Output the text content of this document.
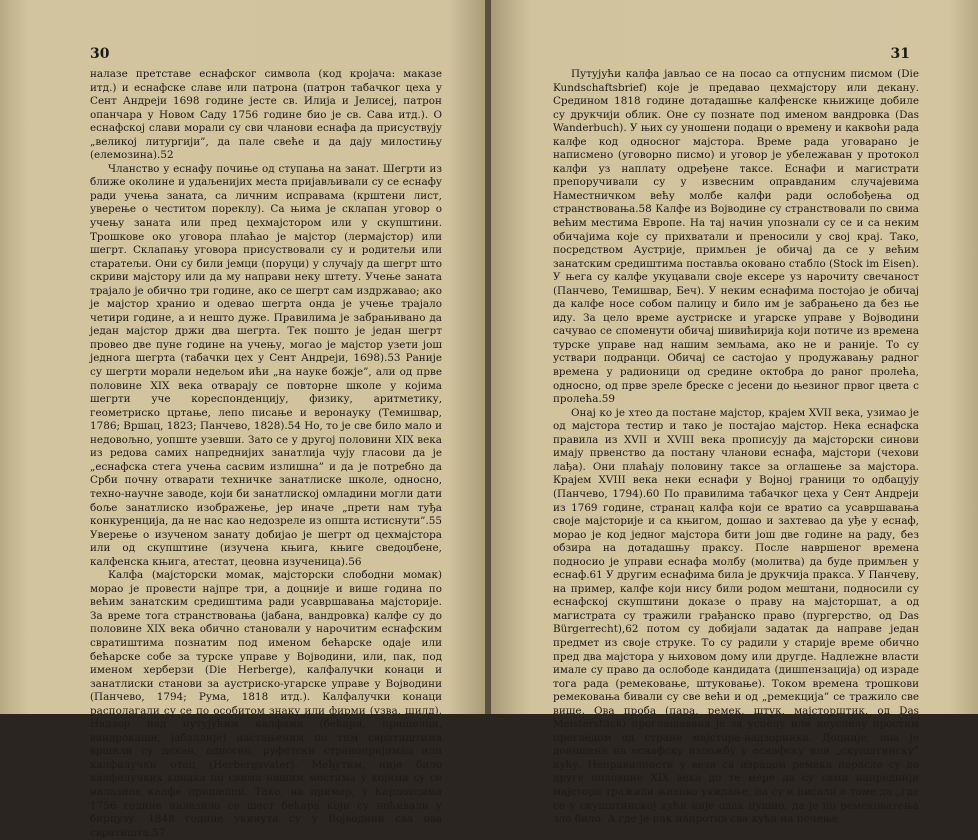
30

налазе претставе еснафског символа (код кројача: маказе итд.) и еснафске славе или патрона (патрон табачког цеха у Сент Андреји 1698 године јесте св. Илија и Јелисеј, патрон опанчара у Новом Саду 1756 године био је св. Сава итд.). О еснафској слави морали су сви чланови еснафа да присуствују „великој литургији”, да пале свеће и да дају милостињу (елемозина).52

Чланство у еснафу почиње од ступања на занат. Шегрти из ближе околине и удаљенијих места пријављивали су се еснафу ради учења заната, са личним исправама (крштени лист, уверење о честитом пореклу). Са њима је склапан уговор о учењу заната или пред цехмајстором или у скупштини. Трошкове око уговора плаћао је мајстор (лермајстор) или шегрт. Склапању уговора присуствовали су и родитељи или старатељи. Они су били јемци (поруци) у случају да шегрт што скриви мајстору или да му направи неку штету. Учење заната трајало је обично три године, ако се шегрт сам издржавао; ако је мајстор хранио и одевао шегрта онда је учење трајало четири године, а и нешто дуже. Правилима је забрањивано да један мајстор држи два шегрта. Тек пошто је један шегрт провео две пуне године на учењу, могао је мајстор узети још једнога шегрта (табачки цех у Сент Андреји, 1698).53 Раније су шегрти морали недељом ићи „на науке божје”, али од прве половине XIX века отварају се повторне школе у којима шегрти уче кореспонденцију, физику, аритметику, геометриско цртање, лепо писање и веронауку (Темишвар, 1786; Вршац, 1823; Панчево, 1828).54 Но, то је све било мало и недовољно, уопште узевши. Зато се у другој половини XIX века из редова самих напреднијих занатлија чују гласови да је „еснафска стега учења сасвим излишна” и да је потребно да Срби почну отварати техничке занатлиске школе, односно, техно-научне заводе, који би занатлиској омладини могли дати боље занатлиско изображење, јер иначе „прети нам туђа конкуренција, да не нас као недозреле из општа истиснути”.55 Уверење о изученом занату добијао је шегрт од цехмајстора или од скупштине (изучена књига, књиге сведоџбене, калфенска књига, атестат, цеовна изученица).56

Калфа (мајсторски момак, мајсторски слободни момак) морао је провести најпре три, а доцније и више година по већим занатским средиштима ради усавршавања мајсторије. За време тога странствовања (јабана, вандровка) калфе су до половине XIX века обично становали у нарочитим еснафским свратиштима познатим под именом бећарске одаје или бећарске собе за турске управе у Војводини, или, пак, под именом херберзи (Die Herberge), калфалучки конаци и занатлиски станови за аустриско-угарске управе у Војводини (Панчево, 1794; Рума, 1818 итд.). Калфалучки конаци располагали су се по особитом знаку или фирми (узва, шилд). Надзор над путујућим калфама (бећари, пришелци, вандрокаши, јабаллије) настањеним по тим свратиштима вршили су декан, односно, руфетски странопријимац или калфалучки отац (Herbergsvater). Међутим, није било калфалучких конака по свима нашим местима у којима су се налазиле калфе пришелци. Тако, на пример, у Карловцима 1756 године налазило се шест бећара који су ноћивали у бирцузу. 1848 године укинута су у Војводини сва ова свратишта.57

31

Путујући калфа јављао се на посао са отпусним писмом (Die Kundschaftsbrief) које је предавао цехмајстору или декану. Срединoм 1818 године дотадашње калфенске књижице добиле су друкчији облик. Оне су познате под именом вандровка (Das Wanderbuch). У њих су уношени подаци о времену и каквоћи рада калфе код односног мајстора. Време рада уговарано је написмено (уговорно писмо) и уговор је убележаван у протокол калфи уз наплату одређене таксе. Еснафи и магистрати препоручивали су у извесним оправданим случајевима Наместничком већу молбе калфи ради ослобођења од странствовања.58 Калфе из Војводине су странствовали по свима већим местима Европе. На тај начин упознали су се и са неким обичајима које су прихватали и преносили у свој крај. Тако, посредством Аустрије, примљен је обичај да се у већим занатским средиштима поставља оковано стабло (Stock im Eisen). У њега су калфе укуцавали своје ексере уз нарочиту свечаност (Панчево, Темишвар, Беч). У неким еснафима постојао је обичај да калфе носе собом палицу и било им је забрањено да без ње иду. За цело време аустриске и угарске управе у Војводини сачувао се споменути обичај шивићирија који потиче из времена турске управе над нашим земљама, ако не и раније. То су уствари подранци. Обичај се састојао у продужавању радног времена у радионици од средине октобра до раног пролећа, односно, од прве зреле бреске с јесени до њезиног првог цвета с пролећа.59

Онај ко је хтео да постане мајстор, крајем XVII века, узимао је од мајстора тестир и тако је постајао мајстор. Нека еснафска правила из XVII и XVIII века прописују да мајсторски синови имају првенство да постану чланови еснафа, мајстори (чехови лађа). Они плаћају половину таксе за оглашење за мајстора. Крајем XVIII века неки еснафи у Војној граници то одбацују (Панчево, 1794).60 По правилима табачког цеха у Сент Андреји из 1769 године, странац калфа који се вратио са усавршавања своје мајсторије и са књигом, дошао и захтевао да уђе у еснаф, морао је код једног мајстора бити још две године на раду, без обзира на дотадашњу праксу. После навршеног времена подносио је управи еснафа молбу (молитва) да буде примљен у еснаф.61 У другим еснафима била је друкчија пракса. У Панчеву, на пример, калфе који нису били родом мештани, подносили су еснафској скупштини доказе о праву на мајсторшат, а од магистрата су тражили грађанско право (пургерство, од Das Bürgerrecht),62 потом су добијали задатак да направе један предмет из своје струке. То су радили у старије време обично пред два мајстора у њиховом дому или другде. Надлежне власти имале су право да ослободе кандидата (дишпензација) од израде тога рада (ремековање, штуковање). Током времена трошкови ремековања бивали су све већи и од „ремекција” се тражило све више. Ова проба (пара, ремек, штук, мајсторштик, од Das Meisterstück) проглашавана је за успелу или неуспелу простим прегледом од стране мајстора-надзорника. Доцније, она је доношена на еснафску изложбу у еснафску или „скупштинску” кућу. Неправилности у вези са израдом ремека порасле су до друге половине XIX века до те мере да су сами напреднији мајстори тражили њихово укидање, па су и писали о томе да „где се у скупштинској кући није одак пушио, да је по ремековатења зло било. А где је пак напротив сва кућа на печење
